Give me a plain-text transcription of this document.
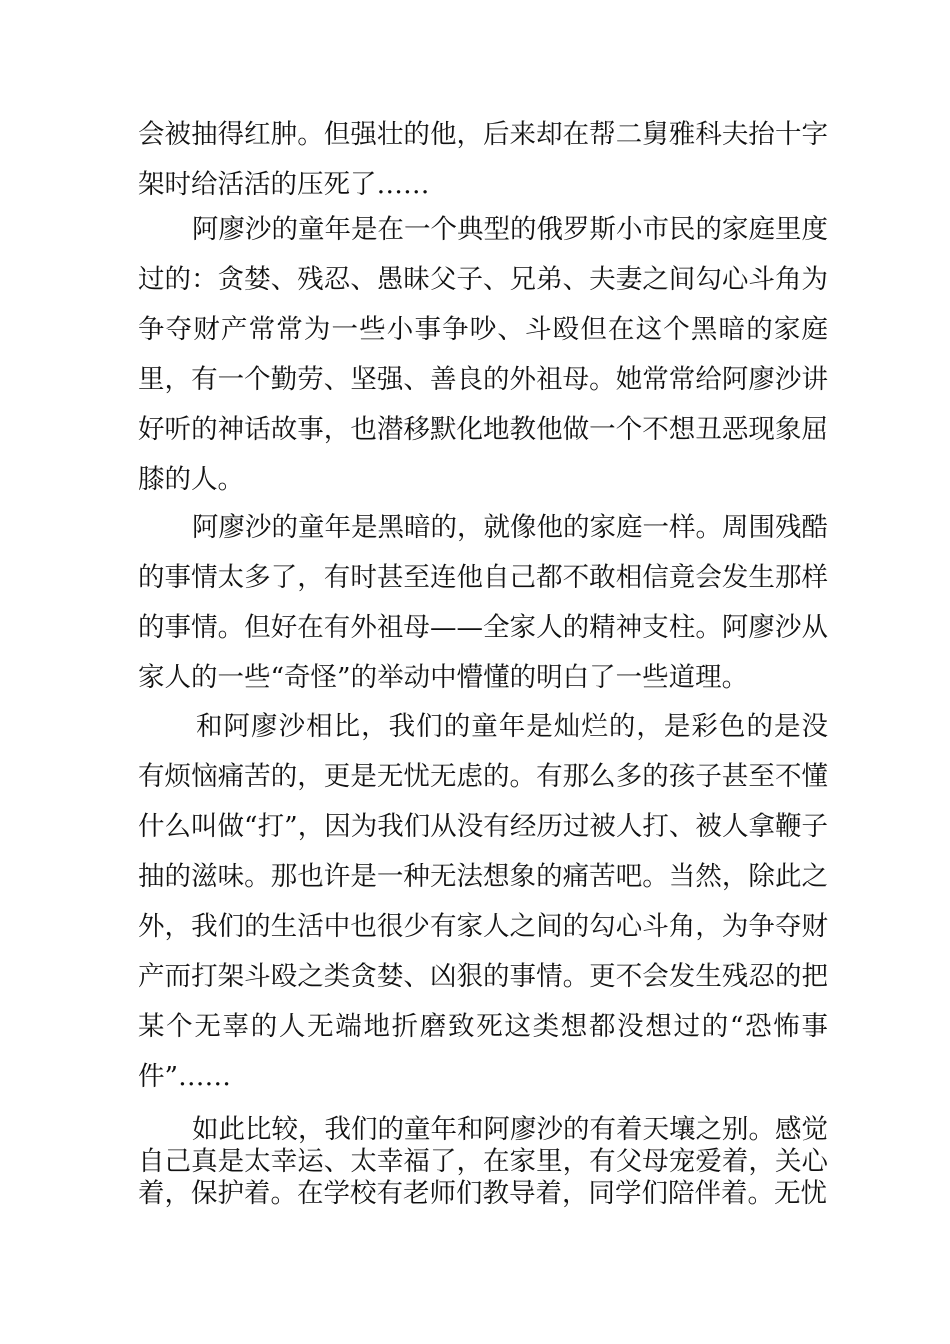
会被抽得红肿。但强壮的他，后来却在帮二舅雅科夫抬十字架时给活活的压死了……

阿廖沙的童年是在一个典型的俄罗斯小市民的家庭里度过的：贪婪、残忍、愚昧父子、兄弟、夫妻之间勾心斗角为争夺财产常常为一些小事争吵、斗殴但在这个黑暗的家庭里，有一个勤劳、坚强、善良的外祖母。她常常给阿廖沙讲好听的神话故事，也潜移默化地教他做一个不想丑恶现象屈膝的人。

阿廖沙的童年是黑暗的，就像他的家庭一样。周围残酷的事情太多了，有时甚至连他自己都不敢相信竟会发生那样的事情。但好在有外祖母——全家人的精神支柱。阿廖沙从家人的一些“奇怪”的举动中懵懂的明白了一些道理。

和阿廖沙相比，我们的童年是灿烂的，是彩色的是没有烦恼痛苦的，更是无忧无虑的。有那么多的孩子甚至不懂什么叫做“打”，因为我们从没有经历过被人打、被人拿鞭子抽的滋味。那也许是一种无法想象的痛苦吧。当然，除此之外，我们的生活中也很少有家人之间的勾心斗角，为争夺财产而打架斗殴之类贪婪、凶狠的事情。更不会发生残忍的把某个无辜的人无端地折磨致死这类想都没想过的“恐怖事件”……

如此比较，我们的童年和阿廖沙的有着天壤之别。感觉自己真是太幸运、太幸福了，在家里，有父母宠爱着，关心着，保护着。在学校有老师们教导着，同学们陪伴着。无忧
